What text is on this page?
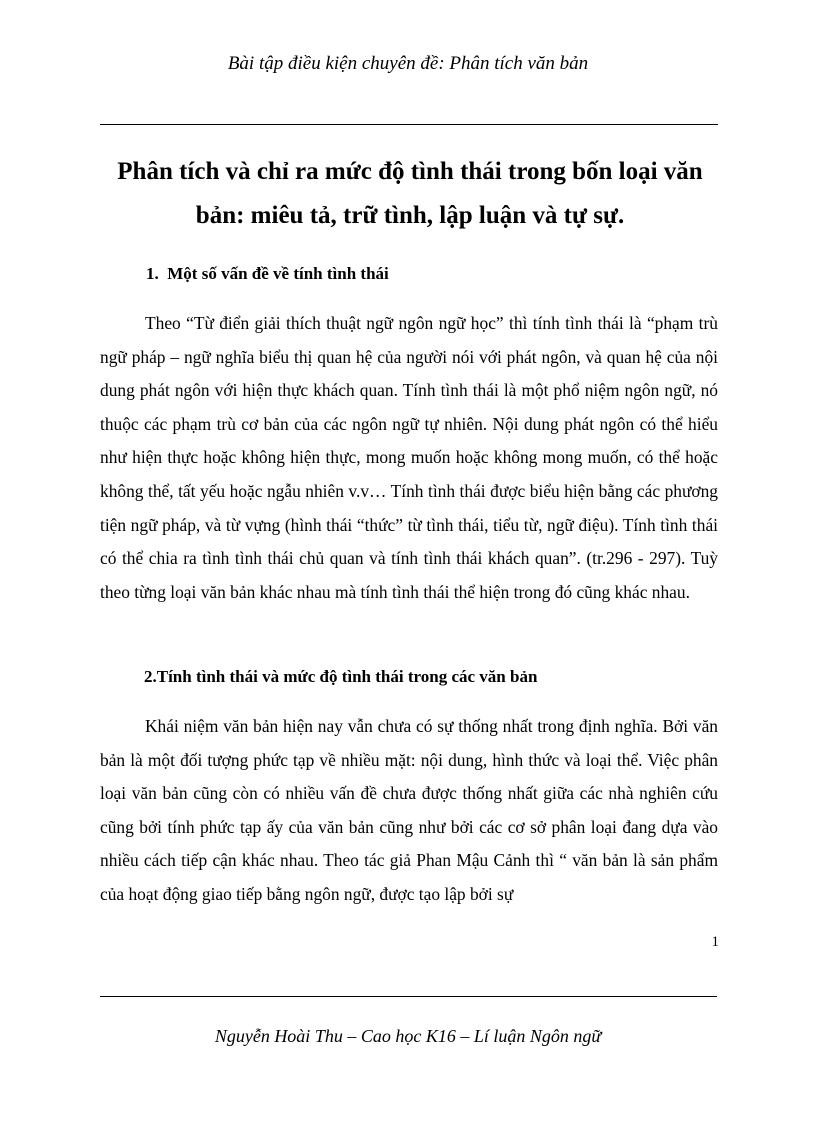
Bài tập điều kiện chuyên đề: Phân tích văn bản
Phân tích và chỉ ra mức độ tình thái trong bốn loại văn bản: miêu tả, trữ tình, lập luận và tự sự.
1. Một số vấn đề về tính tình thái

Theo “Từ điển giải thích thuật ngữ ngôn ngữ học” thì tính tình thái là “phạm trù ngữ pháp – ngữ nghĩa biểu thị quan hệ của người nói với phát ngôn, và quan hệ của nội dung phát ngôn với hiện thực khách quan. Tính tình thái là một phổ niệm ngôn ngữ, nó thuộc các phạm trù cơ bản của các ngôn ngữ tự nhiên. Nội dung phát ngôn có thể hiểu như hiện thực hoặc không hiện thực, mong muốn hoặc không mong muốn, có thể hoặc không thể, tất yếu hoặc ngẫu nhiên v.v… Tính tình thái được biểu hiện bằng các phương tiện ngữ pháp, và từ vựng (hình thái “thức” từ tình thái, tiểu từ, ngữ điệu). Tính tình thái có thể chia ra tình tình thái chủ quan và tính tình thái khách quan”. (tr.296 - 297). Tuỳ theo từng loại văn bản khác nhau mà tính tình thái thể hiện trong đó cũng khác nhau.

2.Tính tình thái và mức độ tình thái trong các văn bản

Khái niệm văn bản hiện nay vẫn chưa có sự thống nhất trong định nghĩa. Bởi văn bản là một đối tượng phức tạp về nhiều mặt: nội dung, hình thức và loại thể. Việc phân loại văn bản cũng còn có nhiều vấn đề chưa được thống nhất giữa các nhà nghiên cứu cũng bởi tính phức tạp ấy của văn bản cũng như bởi các cơ sở phân loại đang dựa vào nhiều cách tiếp cận khác nhau. Theo tác giả Phan Mậu Cảnh thì “ văn bản là sản phẩm của hoạt động giao tiếp bằng ngôn ngữ, được tạo lập bởi sự

1
Nguyễn Hoài Thu – Cao học K16 – Lí luận Ngôn ngữ
